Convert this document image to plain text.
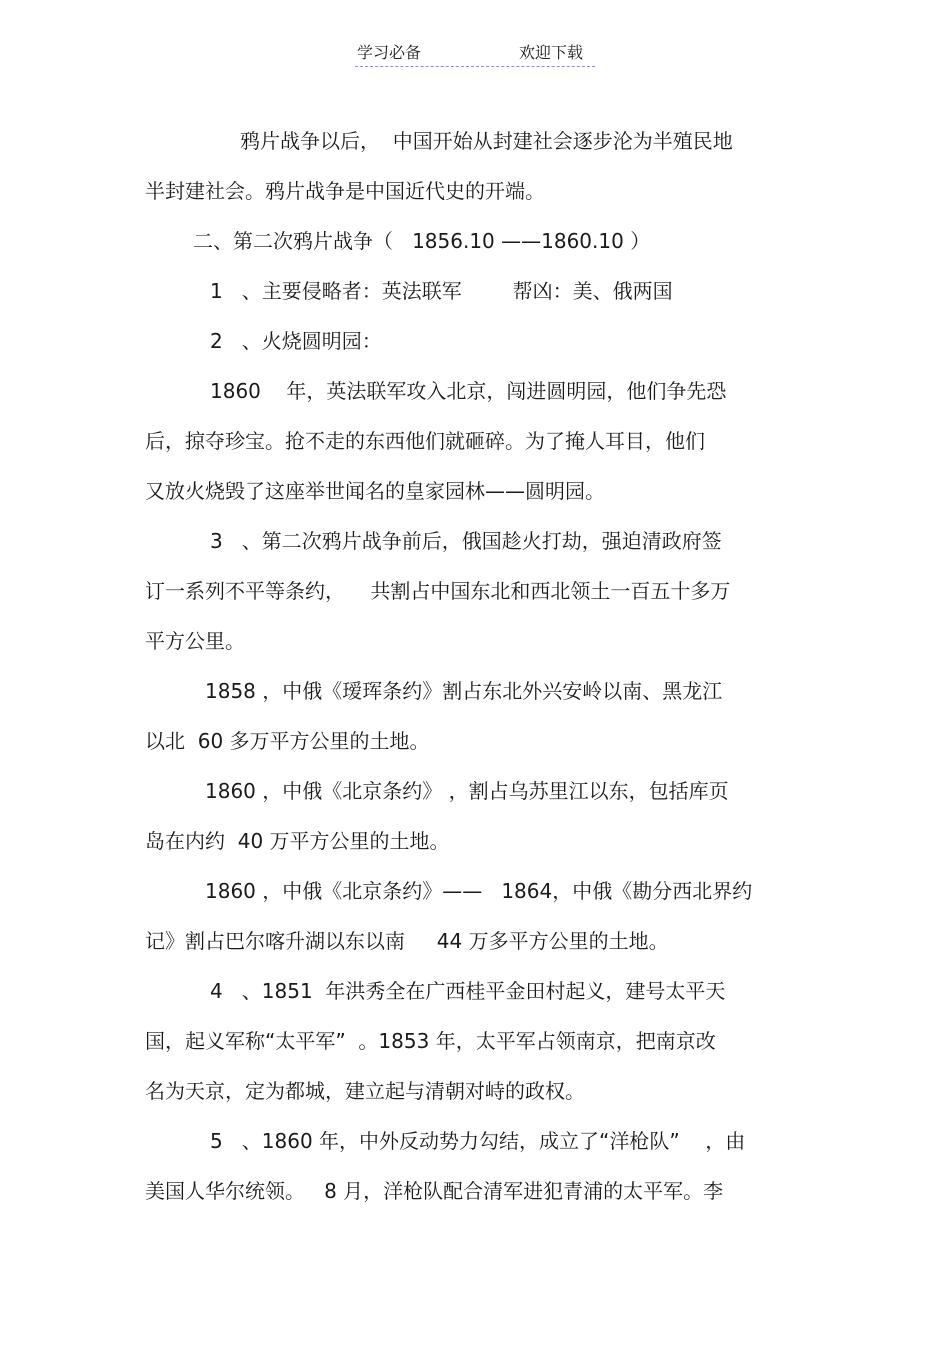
学习必备	欢迎下载
鸦片战争以后，  中国开始从封建社会逐步沦为半殖民地
半封建社会。鸦片战争是中国近代史的开端。
二、第二次鸦片战争（   1856.10 ——1860.10 ）
1   、主要侵略者：英法联军        帮凶：美、俄两国
2   、火烧圆明园：
1860    年，英法联军攻入北京，闯进圆明园，他们争先恐
后，掠夺珍宝。抢不走的东西他们就砸碎。为了掩人耳目，他们
又放火烧毁了这座举世闻名的皇家园林——圆明园。
3   、第二次鸦片战争前后，俄国趁火打劫，强迫清政府签
订一系列不平等条约，    共割占中国东北和西北领土一百五十多万
平方公里。
1858 ，中俄《瑷珲条约》割占东北外兴安岭以南、黑龙江
以北  60 多万平方公里的土地。
1860 ，中俄《北京条约》 ，割占乌苏里江以东，包括库页
岛在内约  40 万平方公里的土地。
1860 ，中俄《北京条约》——   1864，中俄《勘分西北界约
记》割占巴尔喀升湖以东以南     44 万多平方公里的土地。
4   、1851  年洪秀全在广西桂平金田村起义，建号太平天
国，起义军称“太平军”  。1853 年，太平军占领南京，把南京改
名为天京，定为都城，建立起与清朝对峙的政权。
5   、1860 年，中外反动势力勾结，成立了“洋枪队”    ，由
美国人华尔统领。   8 月，洋枪队配合清军进犯青浦的太平军。李
